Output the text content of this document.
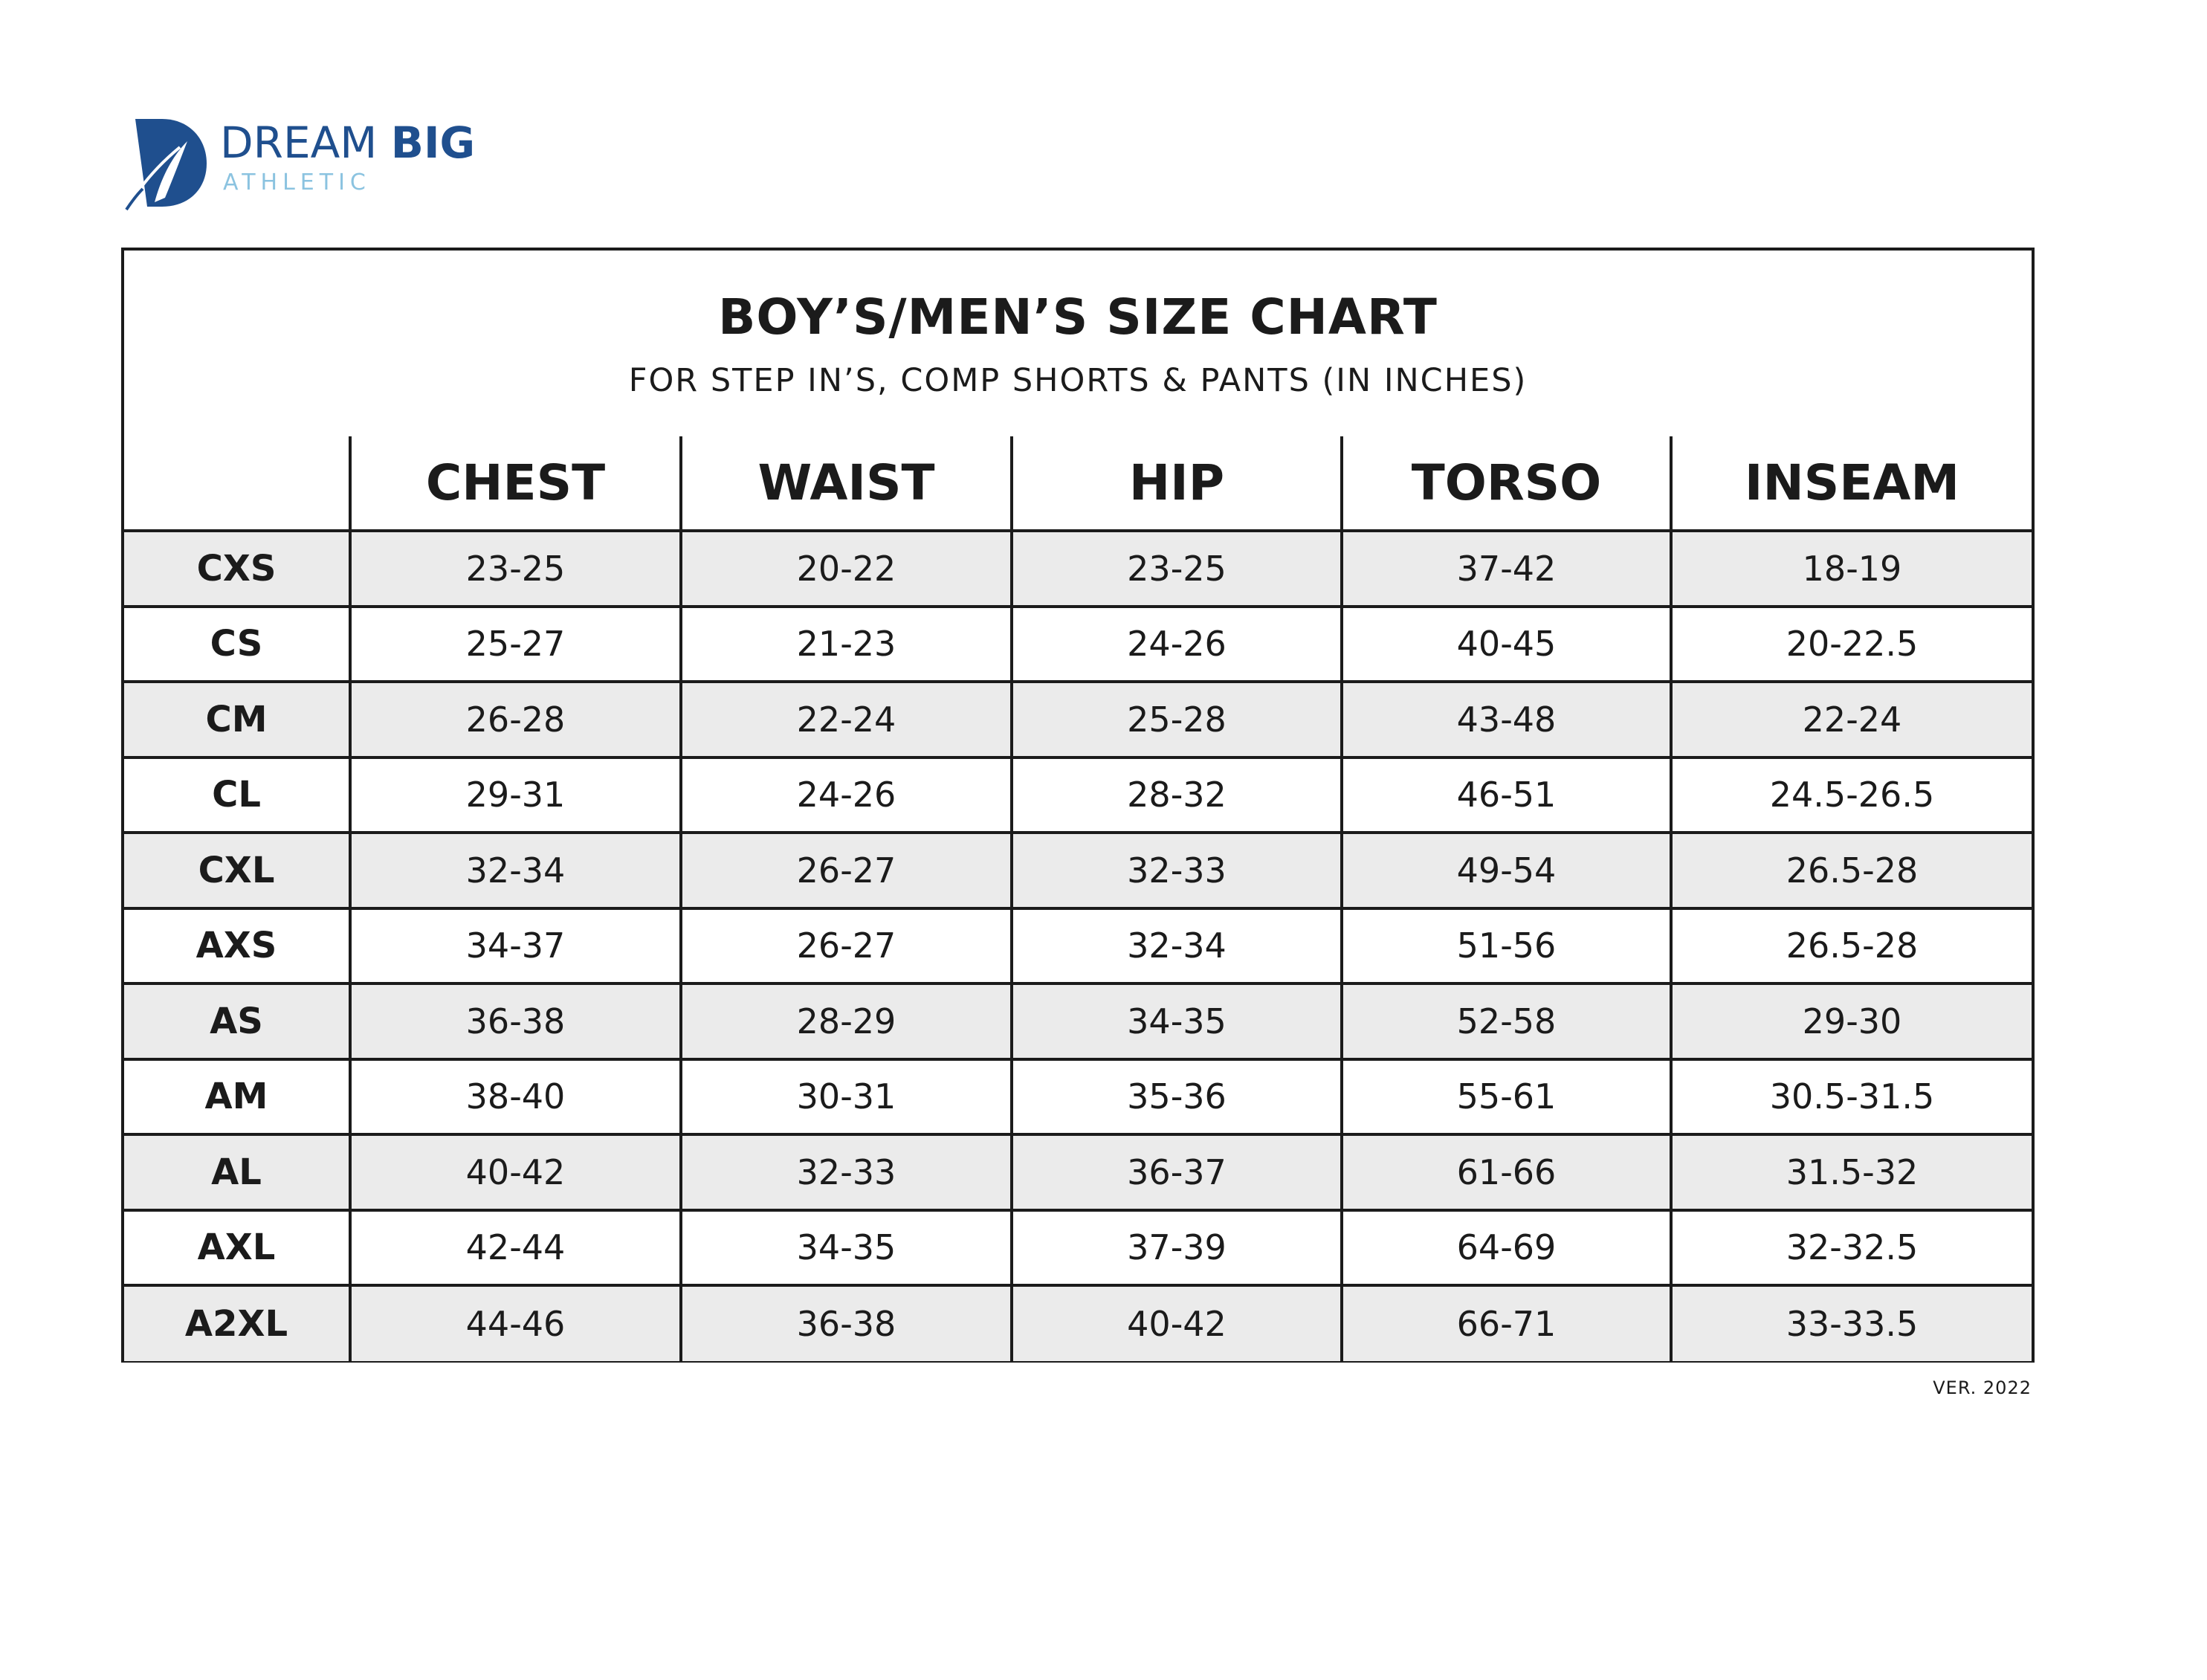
DREAM BIG
ATHLETIC
BOY’S/MEN’S SIZE CHART
FOR STEP IN’S, COMP SHORTS & PANTS (IN INCHES)
	CHEST	WAIST	HIP	TORSO	INSEAM
CXS	23-25	20-22	23-25	37-42	18-19
CS	25-27	21-23	24-26	40-45	20-22.5
CM	26-28	22-24	25-28	43-48	22-24
CL	29-31	24-26	28-32	46-51	24.5-26.5
CXL	32-34	26-27	32-33	49-54	26.5-28
AXS	34-37	26-27	32-34	51-56	26.5-28
AS	36-38	28-29	34-35	52-58	29-30
AM	38-40	30-31	35-36	55-61	30.5-31.5
AL	40-42	32-33	36-37	61-66	31.5-32
AXL	42-44	34-35	37-39	64-69	32-32.5
A2XL	44-46	36-38	40-42	66-71	33-33.5
VER. 2022
